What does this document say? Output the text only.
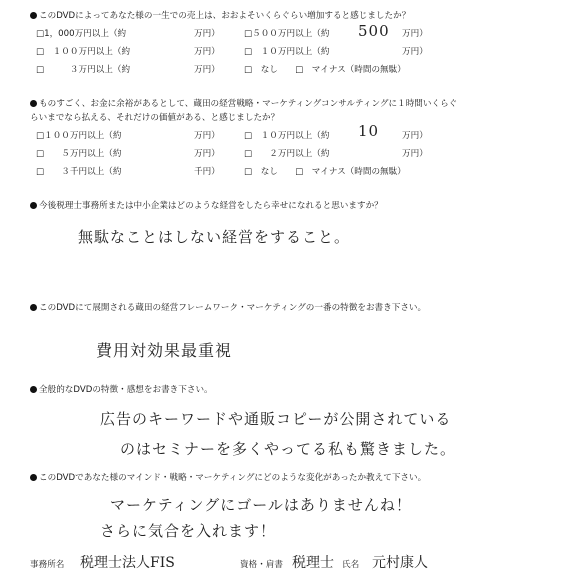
このDVDによってあなた様の一生での売上は、おおよそいくらぐらい増加すると感じましたか？
□1，000万円以上（約	万円）	□５００万円以上（約	万円）
500
□　１００万円以上（約	万円）	□　１０万円以上（約	万円）
□　　　３万円以上（約	万円）	□　なし　　□　マイナス（時間の無駄）
ものすごく、お金に余裕があるとして、蔵田の経営戦略・マーケティングコンサルティングに１時間いくらぐ
らいまでなら払える、それだけの価値がある、と感じましたか？
□１００万円以上（約	万円）	□　１０万円以上（約	万円）
10
□　　５万円以上（約	万円）	□　　２万円以上（約	万円）
□　　３千円以上（約	千円）	□　なし　　□　マイナス（時間の無駄）
今後税理士事務所または中小企業はどのような経営をしたら幸せになれると思いますか？
無駄なことはしない経営をすること。
このDVDにて展開される蔵田の経営フレームワーク・マーケティングの一番の特徴をお書き下さい。
費用対効果最重視
全般的なDVDの特徴・感想をお書き下さい。
広告のキーワードや通販コピーが公開されている
のはセミナーを多くやってる私も驚きました。
このDVDであなた様のマインド・戦略・マーケティングにどのような変化があったか教えて下さい。
マーケティングにゴールはありませんね！
さらに気合を入れます！
事務所名 税理士法人FIS	資格・肩書 税理士 氏名 元村康人
